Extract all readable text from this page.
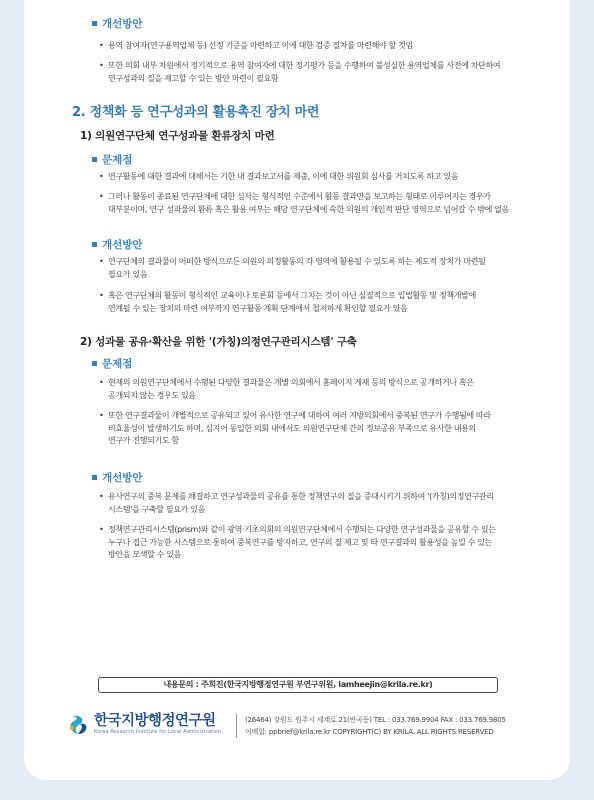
개선방안
• 용역 참여자(연구용역업체 등) 선정 기준을 마련하고 이에 대한 검증 절차를 마련해야 할 것임
• 또한 의회 내부 차원에서 정기적으로 용역 참여자에 대한 정기평가 등을 수행하여 불성실한 용역업체를 사전에 차단하여
연구성과의 질을 제고할 수 있는 방안 마련이 필요함
2. 정책화 등 연구성과의 활용촉진 장치 마련
1) 의원연구단체 연구성과물 환류장치 마련
문제점
• 연구활동에 대한 결과에 대해서는 기한 내 결과보고서를 제출, 이에 대한 위원회 심사를 거치도록 하고 있음
• 그러나 활동이 종료된 연구단체에 대한 심사는 형식적인 수준에서 활동 결과만을 보고하는 형태로 이루어지는 경우가
대부분이며, 연구 성과물의 환류 혹은 활용 여부는 해당 연구단체에 속한 의원의 개인적 판단 영역으로 넘어갈 수 밖에 없음
개선방안
• 연구단체의 결과물이 어떠한 방식으로든 의원의 의정활동의 각 영역에 활용될 수 있도록 하는 제도적 장치가 마련될
필요가 있음
• 혹은 연구단체의 활동이 형식적인 교육이나 토론회 등에서 그치는 것이 아닌 실질적으로 입법활동 및 정책개발에
연계될 수 있는 장치의 마련 여부까지 연구활동 계획 단계에서 철저하게 확인할 필요가 있음
2) 성과물 공유·확산을 위한 '(가칭)의정연구관리시스템' 구축
문제점
• 현재의 의원연구단체에서 수행된 다양한 결과물은 개별 의회에서 홈페이지 게재 등의 방식으로 공개하거나 혹은
공개되지 않는 경우도 있음
• 또한 연구결과물이 개별적으로 공유되고 있어 유사한 연구에 대하여 여러 지방의회에서 중복된 연구가 수행됨에 따라
비효율성이 발생하기도 하며, 심지어 동일한 의회 내에서도 의원연구단체 간의 정보공유 부족으로 유사한 내용의
연구가 진행되기도 함
개선방안
• 유사연구의 중복 문제를 해결하고 연구성과물의 공유를 통한 정책연구의 질을 증대시키기 위하여 '(가칭)의정연구관리
시스템'을 구축할 필요가 있음
• 정책연구관리시스템(prism)와 같이 광역·기초의회의 의원연구단체에서 수행되는 다양한 연구성과물을 공유할 수 있는
누구나 접근 가능한 시스템으로 통하여 중복연구를 방지하고, 연구의 질 제고 및 타 연구결과의 활용성을 높일 수 있는
방안을 모색할 수 있음
내용문의 : 주희진(한국지방행정연구원 부연구위원, iamheejin@krila.re.kr)
한국지방행정연구원
Korea Research Institute for Local Administration
(26464) 강원도 원주시 세계로 21(반곡동) TEL : 033.769.9904 FAX : 033.769.9805
이메일: ppbrief@krila.re.kr COPYRIGHT(C) BY KRILA. ALL RIGHTS RESERVED
